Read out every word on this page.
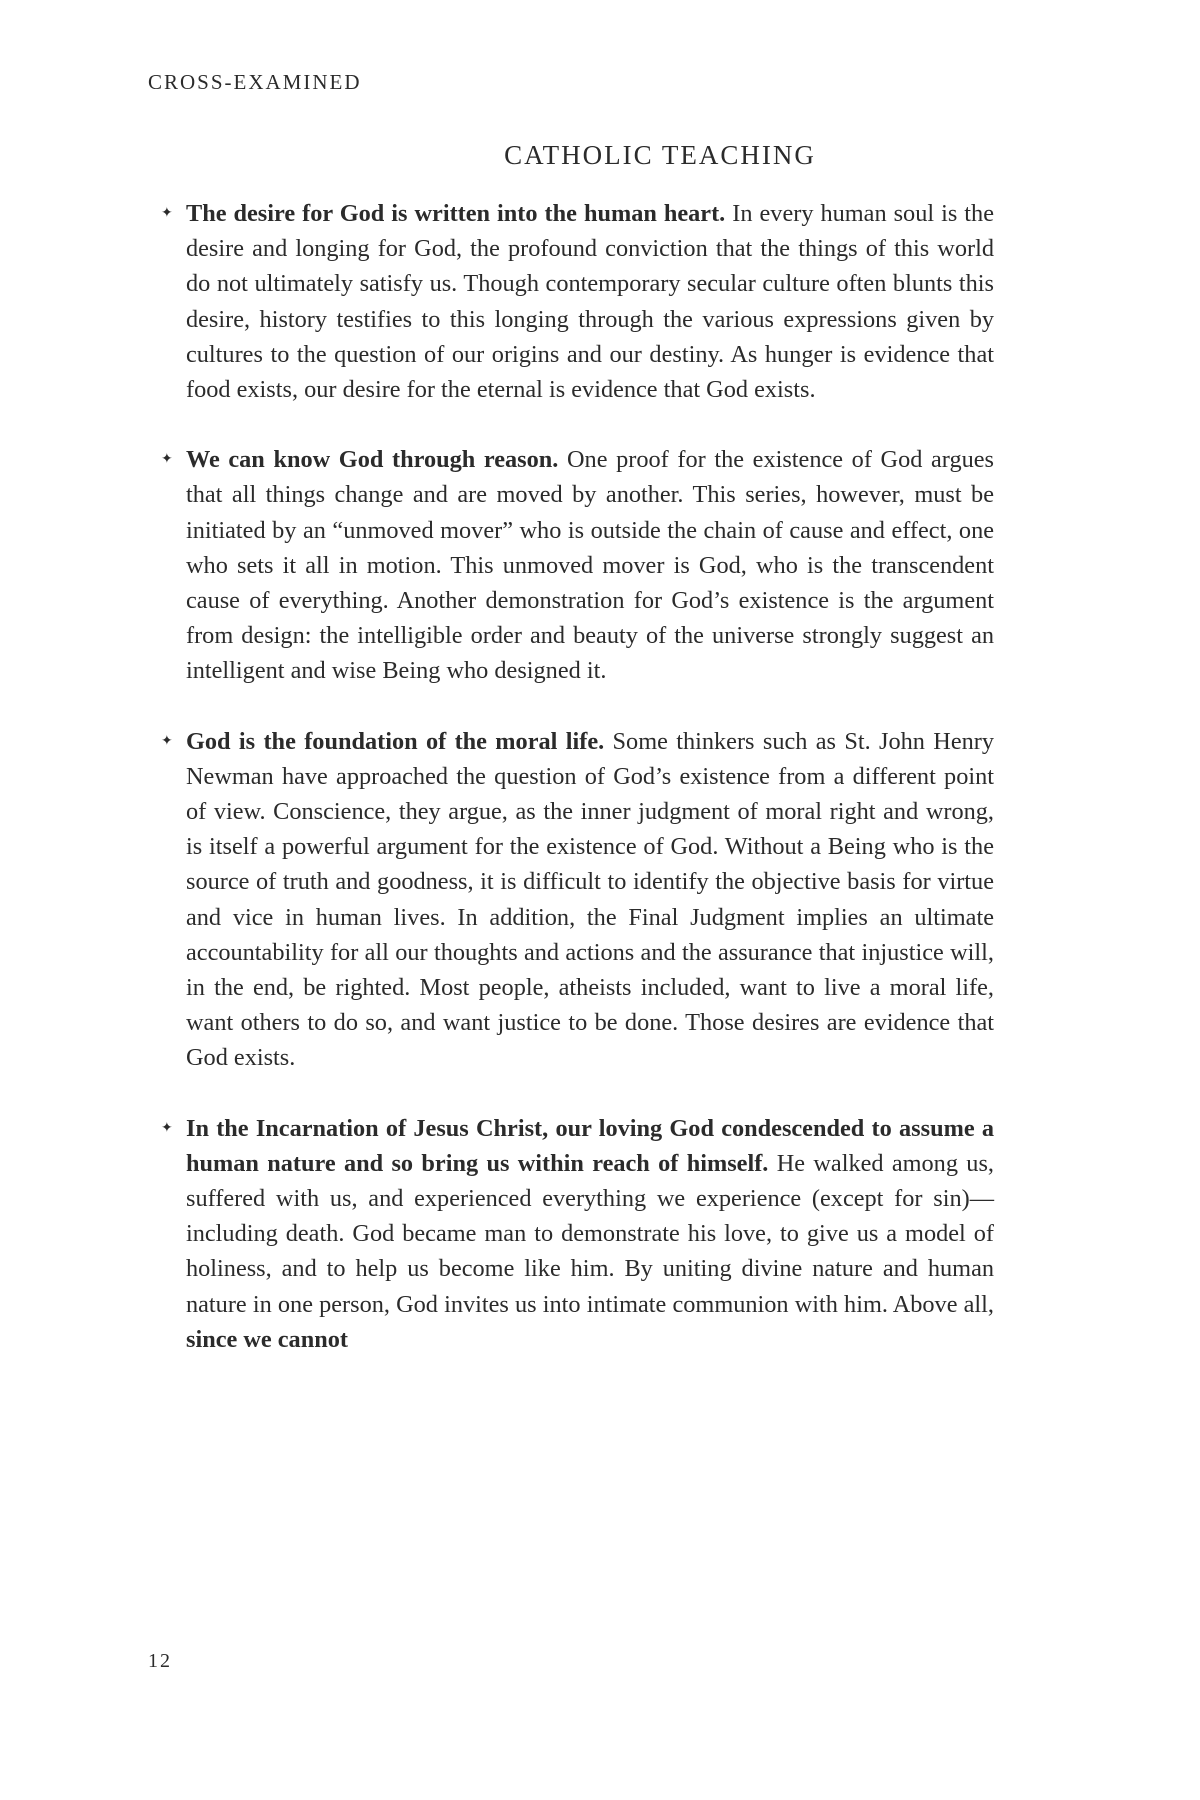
CROSS-EXAMINED
CATHOLIC TEACHING
✦ The desire for God is written into the human heart. In every human soul is the desire and longing for God, the profound conviction that the things of this world do not ultimately satisfy us. Though contemporary secular culture often blunts this desire, history testifies to this longing through the various expressions given by cultures to the question of our origins and our destiny. As hunger is evidence that food exists, our desire for the eternal is evidence that God exists.
✦ We can know God through reason. One proof for the existence of God argues that all things change and are moved by another. This series, however, must be initiated by an “unmoved mover” who is outside the chain of cause and effect, one who sets it all in motion. This unmoved mover is God, who is the transcendent cause of everything. Another demonstration for God’s existence is the argument from design: the intelligible order and beauty of the universe strongly suggest an intelligent and wise Being who designed it.
✦ God is the foundation of the moral life. Some thinkers such as St. John Henry Newman have approached the question of God’s existence from a different point of view. Conscience, they argue, as the inner judgment of moral right and wrong, is itself a powerful argument for the existence of God. Without a Being who is the source of truth and goodness, it is difficult to identify the objective basis for virtue and vice in human lives. In addition, the Final Judgment implies an ultimate accountability for all our thoughts and actions and the assurance that injustice will, in the end, be righted. Most people, atheists included, want to live a moral life, want others to do so, and want justice to be done. Those desires are evidence that God exists.
✦ In the Incarnation of Jesus Christ, our loving God condescended to assume a human nature and so bring us within reach of himself. He walked among us, suffered with us, and experienced everything we experience (except for sin)—including death. God became man to demonstrate his love, to give us a model of holiness, and to help us become like him. By uniting divine nature and human nature in one person, God invites us into intimate communion with him. Above all, since we cannot
12
